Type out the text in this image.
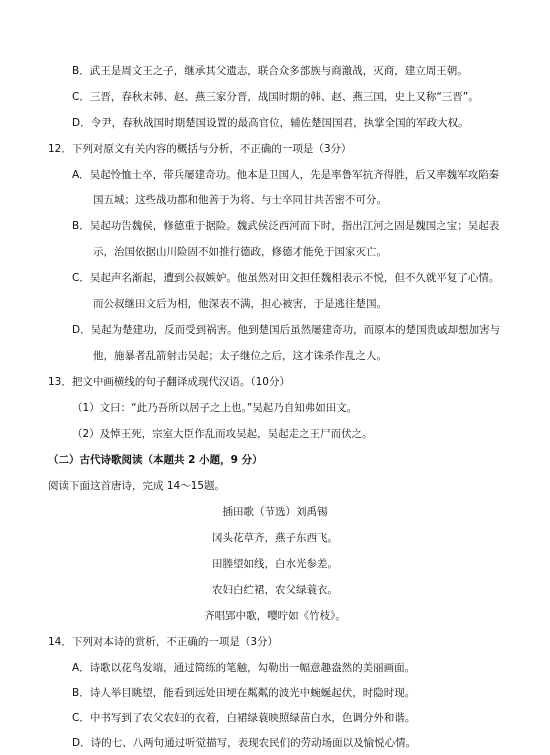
·
B．武王是周文王之子，继承其父遗志，联合众多部族与商激战，灭商，建立周王朝。
C．三晋，春秋末韩、赵、燕三家分晋，战国时期的韩、赵、燕三国，史上又称“三晋”。
D．令尹，春秋战国时期楚国设置的最高官位，辅佐楚国国君，执掌全国的军政大权。
12．下列对原文有关内容的概括与分析，不正确的一项是（3分）
A．吴起怜恤士卒，带兵屡建奇功。他本是卫国人，先是率鲁军抗齐得胜，后又率魏军攻陷秦
国五城；这些战功都和他善于为将、与士卒同甘共苦密不可分。
B．吴起功告魏侯，修德重于据险。魏武侯泛西河而下时，指出江河之固是魏国之宝；吴起表
示，治国依据山川险固不如推行德政，修德才能免于国家灭亡。
C．吴起声名渐起，遭到公叔嫉妒。他虽然对田文担任魏相表示不悦，但不久就平复了心情。
而公叔继田文后为相，他深表不满，担心被害，于是逃往楚国。
D．吴起为楚建功，反而受到祸害。他到楚国后虽然屡建奇功，而原本的楚国贵戚却想加害与
他，施暴者乱箭射击吴起；太子继位之后，这才诛杀作乱之人。
13．把文中画横线的句子翻译成现代汉语。（10分）
（1）文曰：“此乃吾所以居子之上也。”吴起乃自知弗如田文。
（2）及悼王死，宗室大臣作乱而攻吴起，吴起走之王尸而伏之。
（二）古代诗歌阅读（本题共 2 小题，9 分）
阅读下面这首唐诗，完成 14～15题。
插田歌（节选）刘禹锡
冈头花草齐，燕子东西飞。
田塍望如线，白水光参差。
农妇白纻裙，农父绿蓑衣。
齐唱郢中歌，嘤咛如《竹枝》。
14．下列对本诗的赏析，不正确的一项是（3分）
A．诗歌以花鸟发端，通过简练的笔触，勾勒出一幅意趣盎然的美丽画面。
B．诗人举目眺望，能看到远处田埂在粼粼的波光中蜿蜒起伏，时隐时现。
C．中书写到了农父农妇的衣着，白裙绿蓑映照绿苗白水，色调分外和谐。
D．诗的七、八两句通过听觉描写，表现农民们的劳动场面以及愉悦心情。
